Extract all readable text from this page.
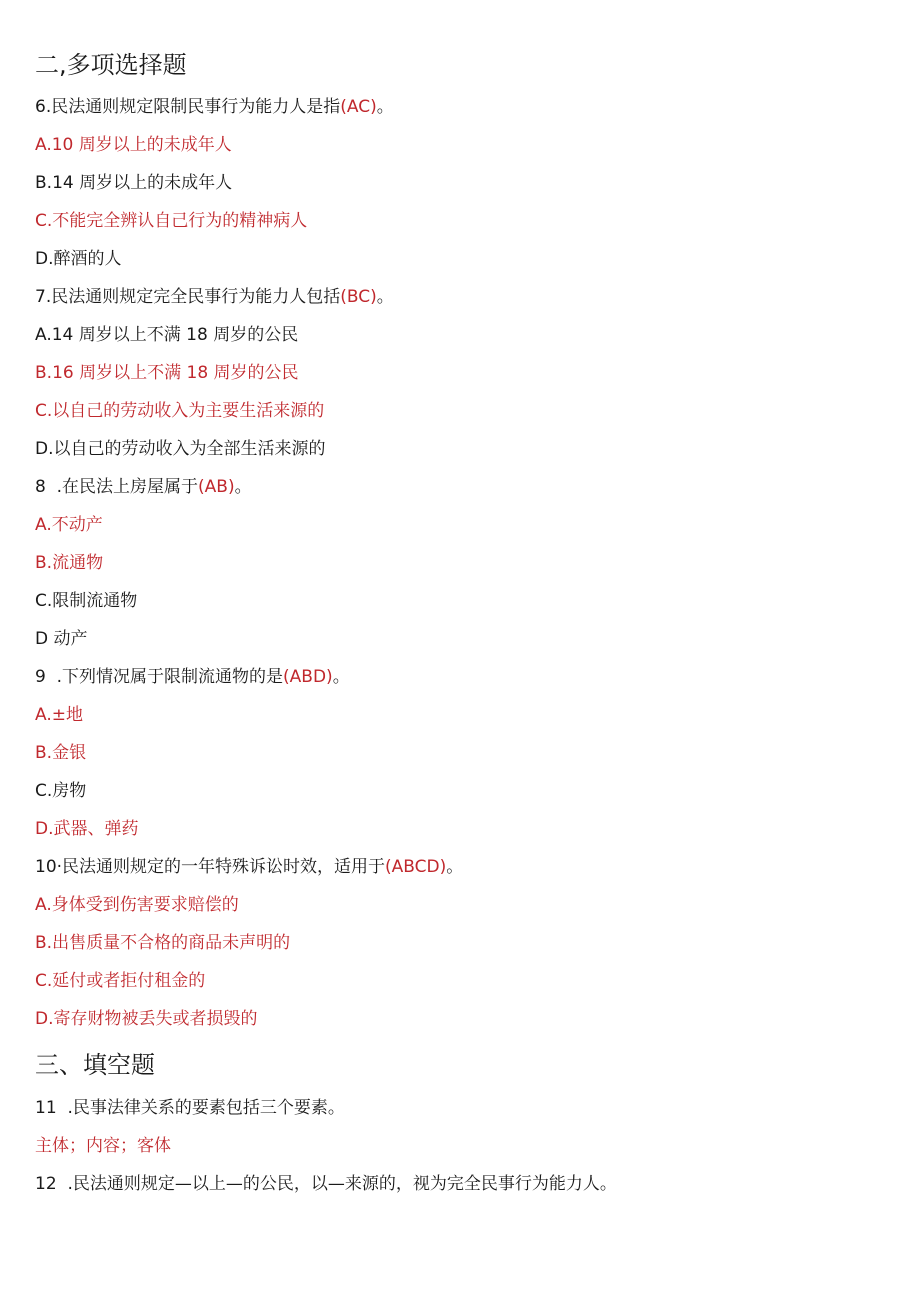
二,多项选择题
6.民法通则规定限制民事行为能力人是指(AC)。
A.10 周岁以上的未成年人
B.14 周岁以上的未成年人
C.不能完全辨认自己行为的精神病人
D.醉酒的人
7.民法通则规定完全民事行为能力人包括(BC)。
A.14 周岁以上不满 18 周岁的公民
B.16 周岁以上不满 18 周岁的公民
C.以自己的劳动收入为主要生活来源的
D.以自己的劳动收入为全部生活来源的
8  .在民法上房屋属于(AB)。
A.不动产
B.流通物
C.限制流通物
D 动产
9  .下列情况属于限制流通物的是(ABD)。
A.±地
B.金银
C.房物
D.武器、弹药
10·民法通则规定的一年特殊诉讼时效，适用于(ABCD)。
A.身体受到伤害要求赔偿的
B.出售质量不合格的商品未声明的
C.延付或者拒付租金的
D.寄存财物被丢失或者损毁的
三、填空题
11  .民事法律关系的要素包括三个要素。
主体；内容；客体
12  .民法通则规定—以上—的公民，以—来源的，视为完全民事行为能力人。
